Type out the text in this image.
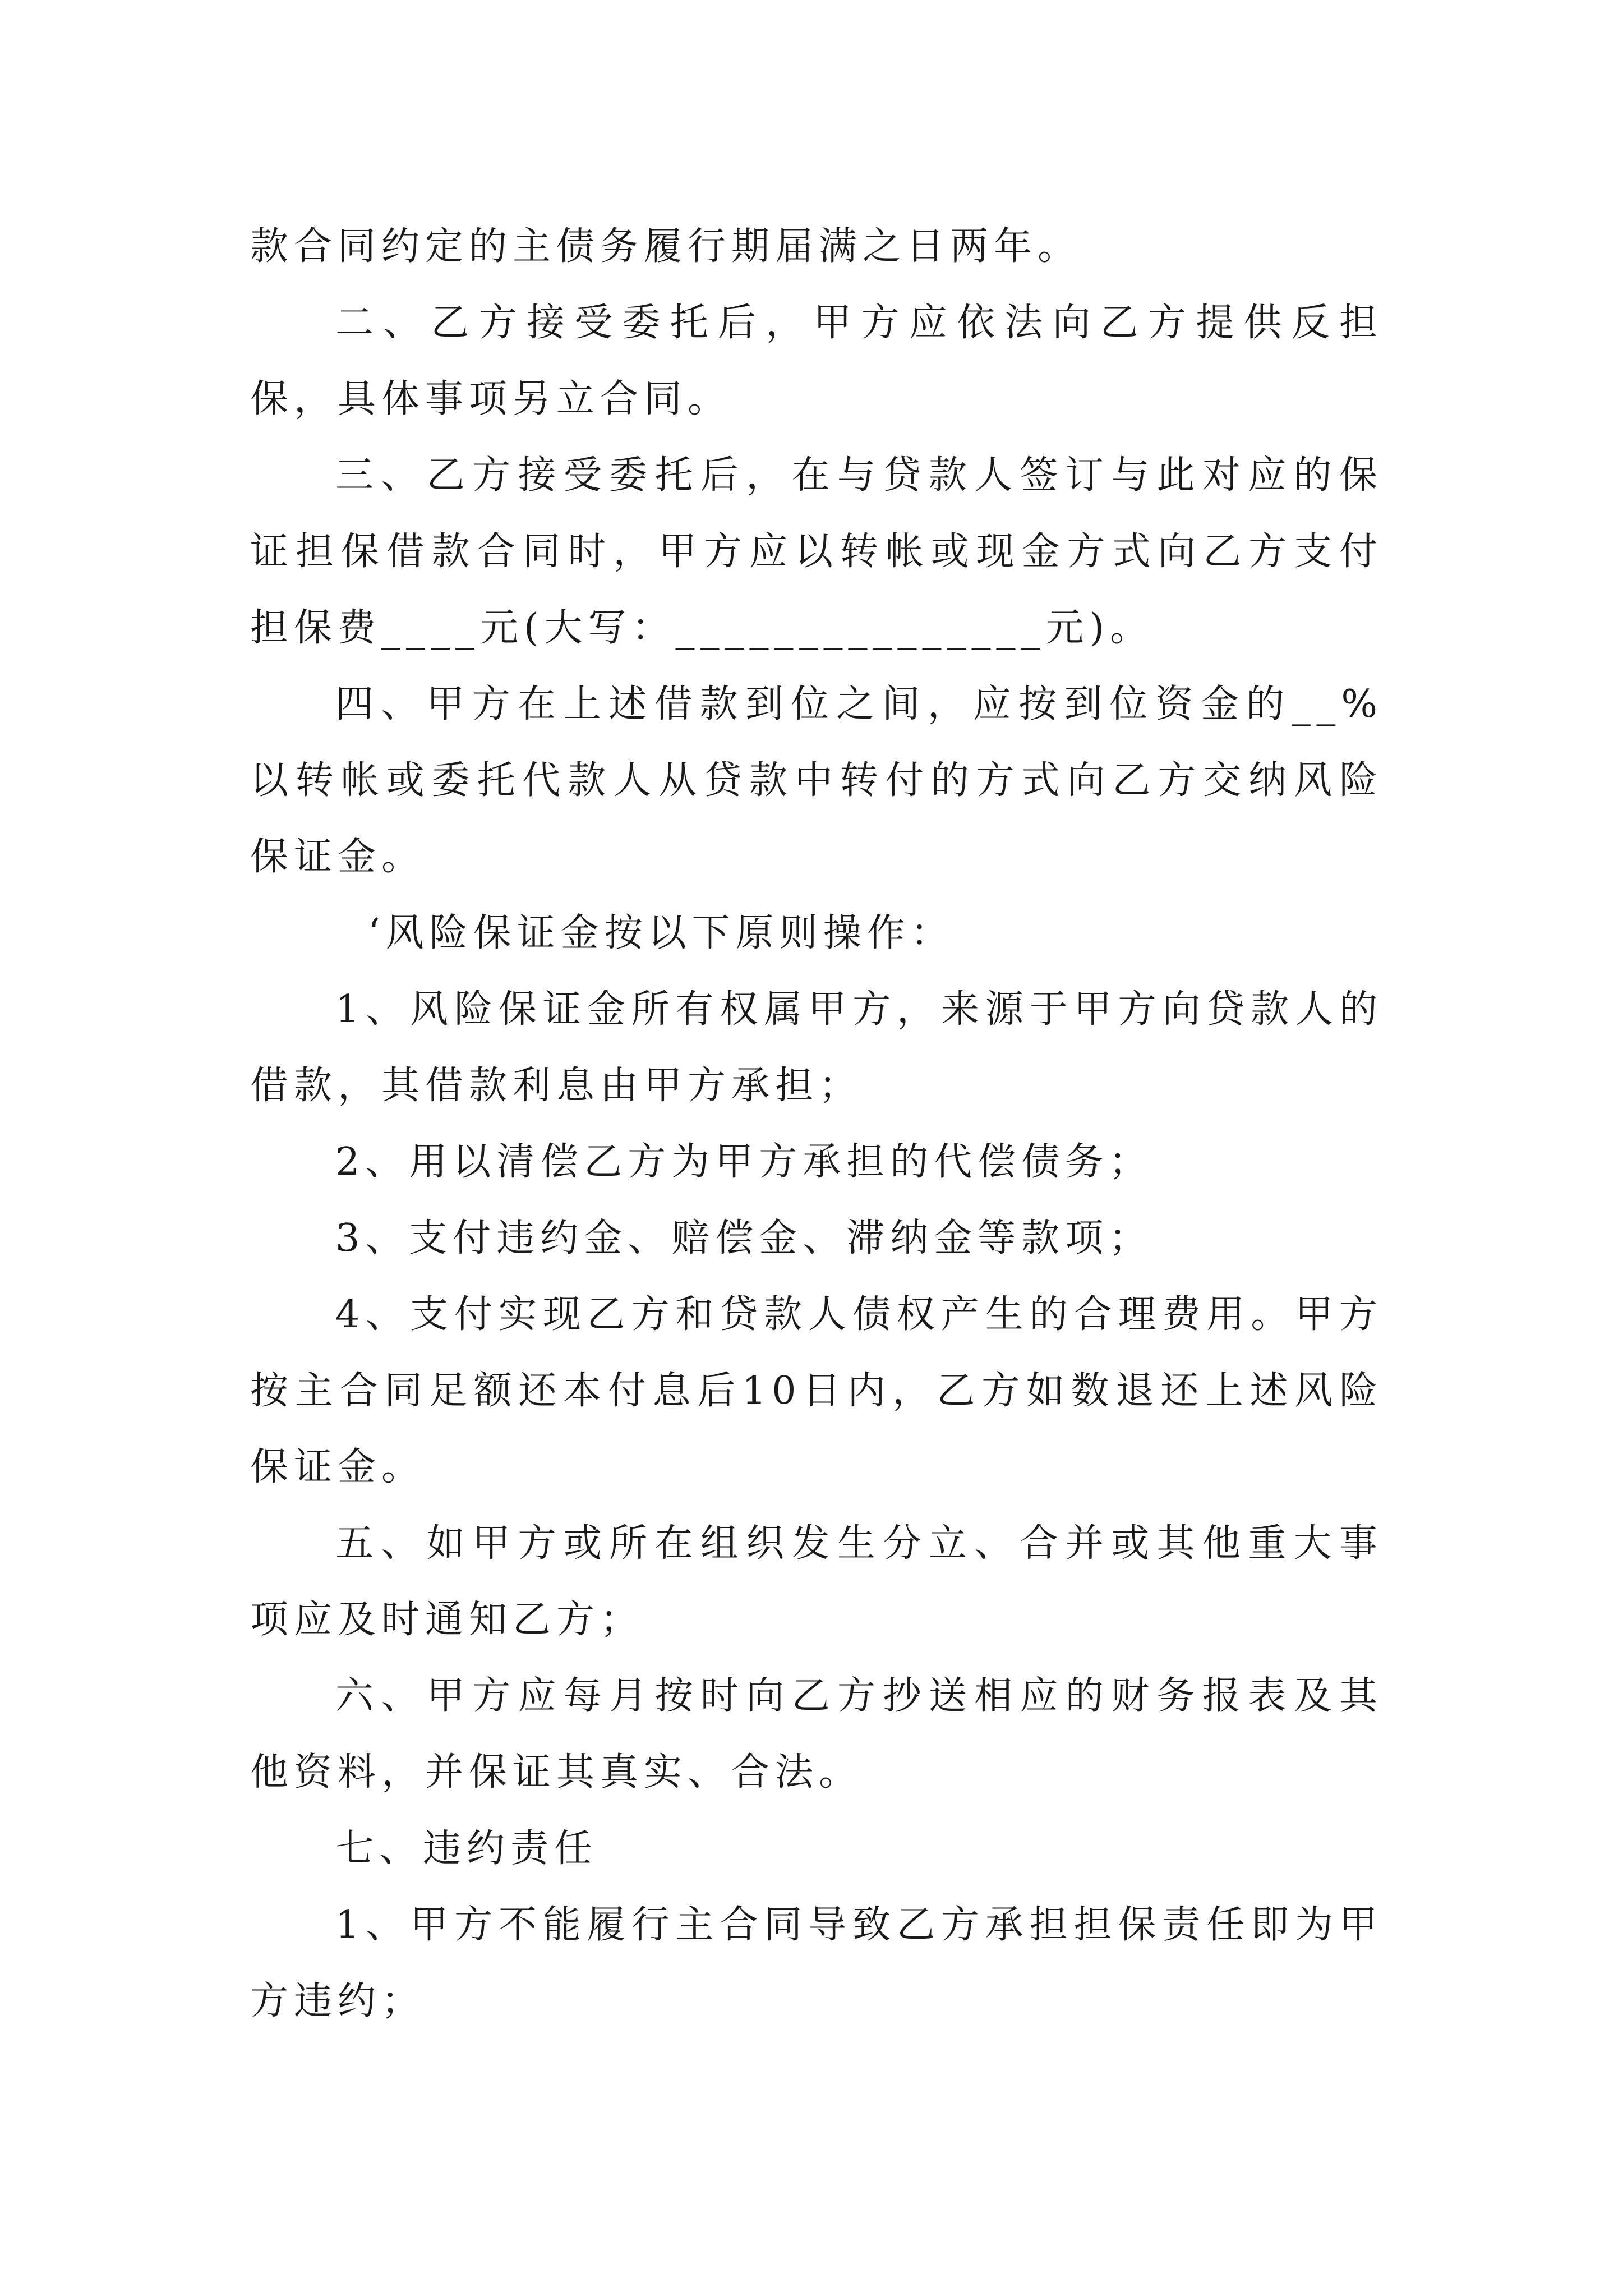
款合同约定的主债务履行期届满之日两年。

二、乙方接受委托后，甲方应依法向乙方提供反担保，具体事项另立合同。

三、乙方接受委托后，在与贷款人签订与此对应的保证担保借款合同时，甲方应以转帐或现金方式向乙方支付担保费____元(大写：_______________元)。

四、甲方在上述借款到位之间，应按到位资金的__%以转帐或委托代款人从贷款中转付的方式向乙方交纳风险保证金。

‘风险保证金按以下原则操作：

1、风险保证金所有权属甲方，来源于甲方向贷款人的借款，其借款利息由甲方承担；

2、用以清偿乙方为甲方承担的代偿债务；

3、支付违约金、赔偿金、滞纳金等款项；

4、支付实现乙方和贷款人债权产生的合理费用。甲方按主合同足额还本付息后10日内，乙方如数退还上述风险保证金。

五、如甲方或所在组织发生分立、合并或其他重大事项应及时通知乙方；

六、甲方应每月按时向乙方抄送相应的财务报表及其他资料，并保证其真实、合法。

七、违约责任

1、甲方不能履行主合同导致乙方承担担保责任即为甲方违约；
